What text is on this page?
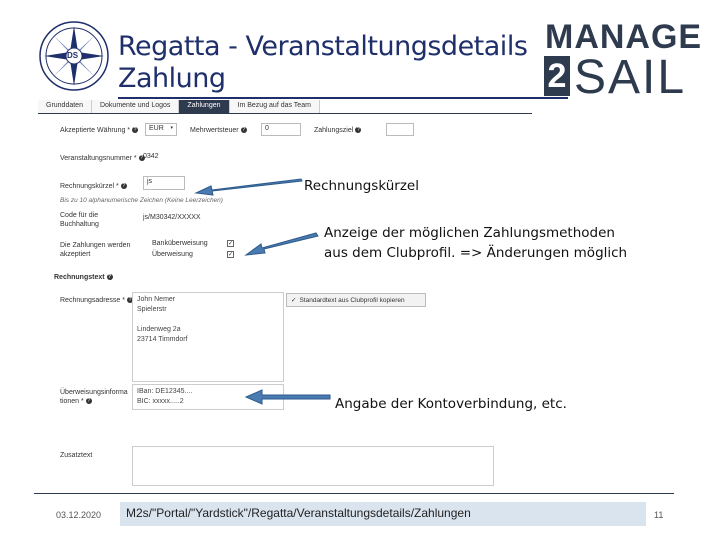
DS Regatta - Veranstaltungsdetails
Zahlung
MANAGE
2 SAIL
Grunddaten	Dokumente und Logos	Zahlungen	Im Bezug auf das Team
Akzeptierte Währung * ?	EUR ▾ Mehrwertsteuer ?	0	Zahlungsziel ?
Veranstaltungsnummer * ? 0342
Rechnungskürzel * ?
js
Bis zu 10 alphanumerische Zeichen (Keine Leerzeichen)
Code für die
Buchhaltung
js/M30342/XXXXX
Die Zahlungen werden
akzeptiert
Banküberweisung	✓
Überweisung	✓
Rechnungstext ?
Rechnungsadresse * ? John Nemer
Spielerstr
Lindenweg 2a
23714 Timmdorf
✓ Standardtext aus Clubprofil kopieren
Überweisungsinforma
tionen * ?
IBan: DE12345....
BIC: xxxxx.....2
Zusatztext
Rechnungskürzel
Anzeige der möglichen Zahlungsmethoden
aus dem Clubprofil. => Änderungen möglich
Angabe der Kontoverbindung, etc.
03.12.2020	M2s/"Portal/"Yardstick"/Regatta/Veranstaltungsdetails/Zahlungen	11
